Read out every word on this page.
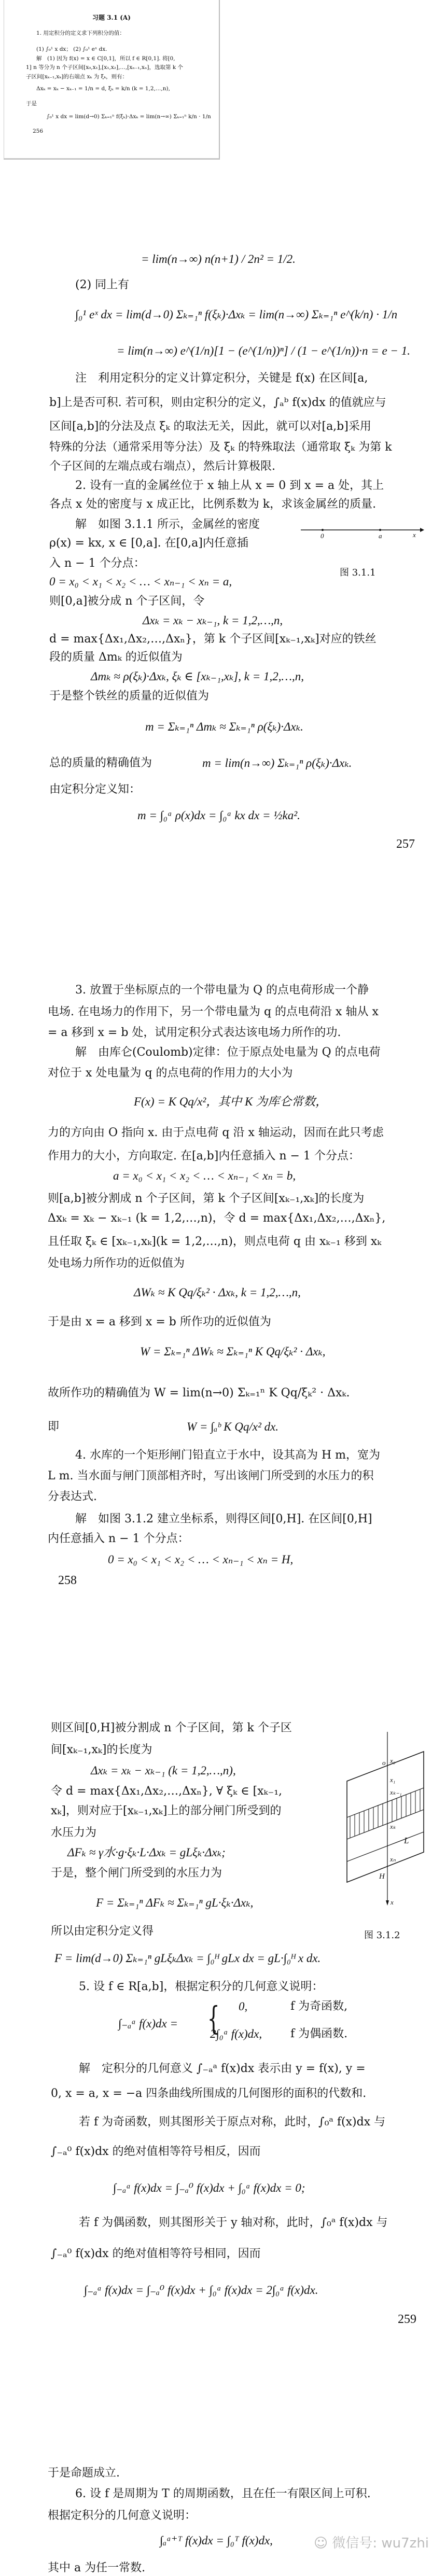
习题 3.1 (A)
1. 用定积分的定义求下列积分的值：
(1) ∫₀¹ x dx； (2) ∫₀¹ eˣ dx.
解　(1) 因为 f(x) = x ∈ C[0,1]，所以 f ∈ R[0,1]. 将[0,
1] n 等分为 n 个子区间[x₀,x₁],[x₁,x₂],…,[xₙ₋₁,xₙ]，选取第 k 个
子区间[xₖ₋₁,xₖ]的右端点 xₖ 为 ξₖ，则有：
Δxₖ = xₖ − xₖ₋₁ = 1/n = d, ξₖ = k/n (k = 1,2,…,n),
于是
∫₀¹ x dx = lim(d→0) Σₖ₌₁ⁿ f(ξₖ)·Δxₖ = lim(n→∞) Σₖ₌₁ⁿ k/n · 1/n
256
= lim(n→∞) n(n+1) / 2n² = 1/2.
(2) 同上有
∫₀¹ eˣ dx = lim(d→0) Σₖ₌₁ⁿ f(ξₖ)·Δxₖ = lim(n→∞) Σₖ₌₁ⁿ e^(k/n) · 1/n
= lim(n→∞) e^(1/n)[1 − (e^(1/n))ⁿ] / (1 − e^(1/n))·n = e − 1.
注　利用定积分的定义计算定积分，关键是 f(x) 在区间[a,
b]上是否可积. 若可积，则由定积分的定义，∫ₐᵇ f(x)dx 的值就应与
区间[a,b]的分法及点 ξₖ 的取法无关，因此，就可以对[a,b]采用
特殊的分法（通常采用等分法）及 ξₖ 的特殊取法（通常取 ξₖ 为第 k
个子区间的左端点或右端点），然后计算极限.
2. 设有一直的金属丝位于 x 轴上从 x = 0 到 x = a 处，其上
各点 x 处的密度与 x 成正比，比例系数为 k，求该金属丝的质量.
解　如图 3.1.1 所示，金属丝的密度
ρ(x) = kx, x ∈ [0,a]. 在[0,a]内任意插
入 n − 1 个分点：
0 = x₀ < x₁ < x₂ < … < xₙ₋₁ < xₙ = a,
则[0,a]被分成 n 个子区间，令
Δxₖ = xₖ − xₖ₋₁, k = 1,2,…,n,
d = max{Δx₁,Δx₂,…,Δxₙ}，第 k 个子区间[xₖ₋₁,xₖ]对应的铁丝
段的质量 Δmₖ 的近似值为
Δmₖ ≈ ρ(ξₖ)·Δxₖ, ξₖ ∈ [xₖ₋₁,xₖ], k = 1,2,…,n,
于是整个铁丝的质量的近似值为
m = Σₖ₌₁ⁿ Δmₖ ≈ Σₖ₌₁ⁿ ρ(ξₖ)·Δxₖ.
总的质量的精确值为	m = lim(n→∞) Σₖ₌₁ⁿ ρ(ξₖ)·Δxₖ.
由定积分定义知：
m = ∫₀ᵃ ρ(x)dx = ∫₀ᵃ kx dx = ½ka².
257
3. 放置于坐标原点的一个带电量为 Q 的点电荷形成一个静
电场. 在电场力的作用下，另一个带电量为 q 的点电荷沿 x 轴从 x
= a 移到 x = b 处，试用定积分式表达该电场力所作的功.
解　由库仑(Coulomb)定律：位于原点处电量为 Q 的点电荷
对位于 x 处电量为 q 的点电荷的作用力的大小为
F(x) = K Qq/x²，其中 K 为库仑常数，
力的方向由 O 指向 x. 由于点电荷 q 沿 x 轴运动，因而在此只考虑
作用力的大小，方向取定. 在[a,b]内任意插入 n − 1 个分点：
a = x₀ < x₁ < x₂ < … < xₙ₋₁ < xₙ = b,
则[a,b]被分割成 n 个子区间，第 k 个子区间[xₖ₋₁,xₖ]的长度为
Δxₖ = xₖ − xₖ₋₁ (k = 1,2,…,n)，令 d = max{Δx₁,Δx₂,…,Δxₙ},
且任取 ξₖ ∈ [xₖ₋₁,xₖ](k = 1,2,…,n)，则点电荷 q 由 xₖ₋₁ 移到 xₖ
处电场力所作功的近似值为
ΔWₖ ≈ K Qq/ξₖ² · Δxₖ, k = 1,2,…,n,
于是由 x = a 移到 x = b 所作功的近似值为
W = Σₖ₌₁ⁿ ΔWₖ ≈ Σₖ₌₁ⁿ K Qq/ξₖ² · Δxₖ,
故所作功的精确值为 W = lim(n→0) Σₖ₌₁ⁿ K Qq/ξₖ² · Δxₖ.
即	W = ∫ₐᵇ K Qq/x² dx.
4. 水库的一个矩形闸门铅直立于水中，设其高为 H m，宽为
L m. 当水面与闸门顶部相齐时，写出该闸门所受到的水压力的积
分表达式.
解　如图 3.1.2 建立坐标系，则得区间[0,H]. 在区间[0,H]
内任意插入 n − 1 个分点：
0 = x₀ < x₁ < x₂ < … < xₙ₋₁ < xₙ = H,
258
则区间[0,H]被分割成 n 个子区间，第 k 个子区
间[xₖ₋₁,xₖ]的长度为
Δxₖ = xₖ − xₖ₋₁ (k = 1,2,…,n),
令 d = max{Δx₁,Δx₂,…,Δxₙ}, ∀ ξₖ ∈ [xₖ₋₁,
xₖ]，则对应于[xₖ₋₁,xₖ]上的部分闸门所受到的
水压力为
ΔFₖ ≈ γ水·g·ξₖ·L·Δxₖ = gLξₖ·Δxₖ;
于是，整个闸门所受到的水压力为
F = Σₖ₌₁ⁿ ΔFₖ ≈ Σₖ₌₁ⁿ gL·ξₖ·Δxₖ,
所以由定积分定义得
F = lim(d→0) Σₖ₌₁ⁿ gLξₖΔxₖ = ∫₀ᴴ gLx dx = gL·∫₀ᴴ x dx.
5. 设 f ∈ R[a,b]，根据定积分的几何意义说明：
∫₋ₐᵃ f(x)dx =
0,	f 为奇函数,
2∫₀ᵃ f(x)dx, f 为偶函数.
解　定积分的几何意义 ∫₋ₐᵃ f(x)dx 表示由 y = f(x), y =
0, x = a, x = −a 四条曲线所围成的几何图形的面积的代数和.
若 f 为奇函数，则其图形关于原点对称，此时，∫₀ᵃ f(x)dx 与
∫₋ₐ⁰ f(x)dx 的绝对值相等符号相反，因而
∫₋ₐᵃ f(x)dx = ∫₋ₐ⁰ f(x)dx + ∫₀ᵃ f(x)dx = 0;
若 f 为偶函数，则其图形关于 y 轴对称，此时，∫₀ᵃ f(x)dx 与
∫₋ₐ⁰ f(x)dx 的绝对值相等符号相同，因而
∫₋ₐᵃ f(x)dx = ∫₋ₐ⁰ f(x)dx + ∫₀ᵃ f(x)dx = 2∫₀ᵃ f(x)dx.
259
于是命题成立.
6. 设 f 是周期为 T 的周期函数，且在任一有限区间上可积.
根据定积分的几何意义说明：
∫ₐᵃ⁺ᵀ f(x)dx = ∫₀ᵀ f(x)dx,
其中 a 为任一常数.
0	a	x
图 3.1.1
o x₀
x₁
xₖ₋₁
xₖ
L
xₙ
H
x
图 3.1.2
{
☺ 微信号: wu7zhi
